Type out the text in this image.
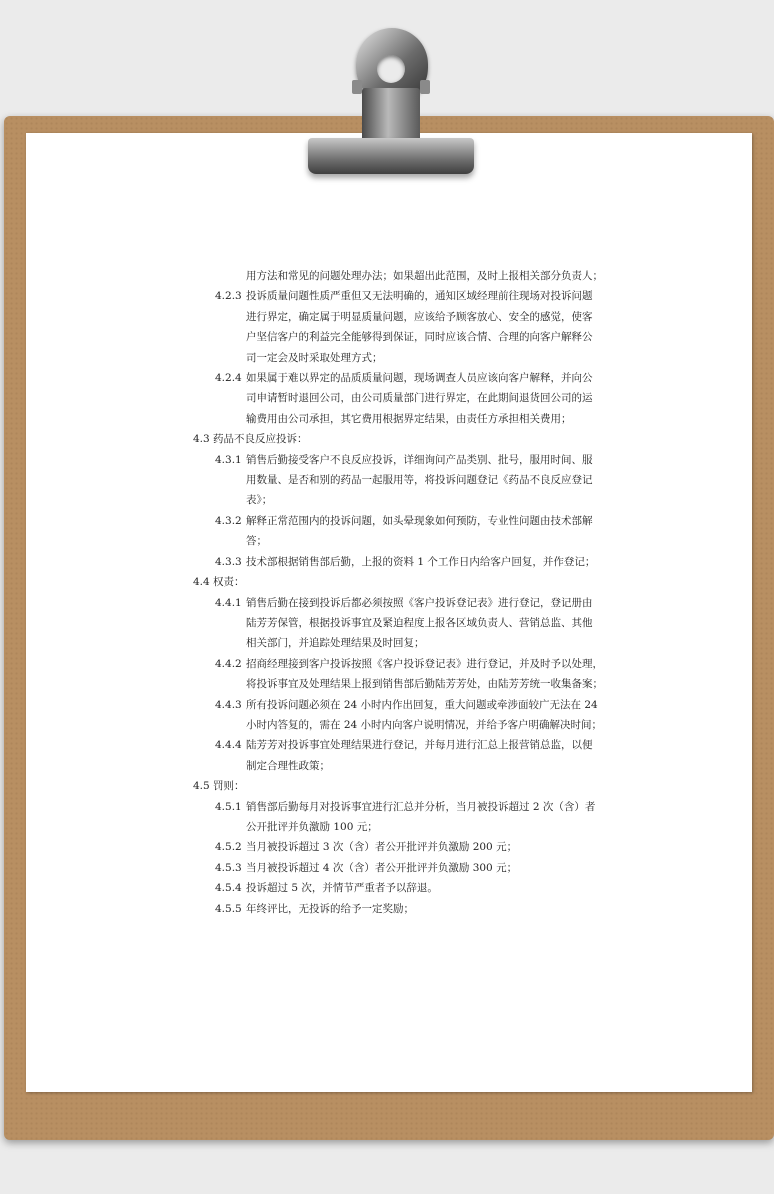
用方法和常见的问题处理办法；如果超出此范围，及时上报相关部分负责人；
4.2.3 投诉质量问题性质严重但又无法明确的，通知区域经理前往现场对投诉问题
进行界定，确定属于明显质量问题，应该给予顾客放心、安全的感觉，使客
户坚信客户的利益完全能够得到保证，同时应该合情、合理的向客户解释公
司一定会及时采取处理方式；
4.2.4 如果属于难以界定的品质质量问题，现场调查人员应该向客户解释，并向公
司申请暂时退回公司，由公司质量部门进行界定，在此期间退货回公司的运
输费用由公司承担，其它费用根据界定结果，由责任方承担相关费用；
4.3 药品不良反应投诉：
4.3.1 销售后勤接受客户不良反应投诉，详细询问产品类别、批号，服用时间、服
用数量、是否和别的药品一起服用等，将投诉问题登记《药品不良反应登记
表》；
4.3.2 解释正常范围内的投诉问题，如头晕现象如何预防，专业性问题由技术部解
答；
4.3.3 技术部根据销售部后勤，上报的资料 1 个工作日内给客户回复，并作登记；
4.4 权责：
4.4.1 销售后勤在接到投诉后都必须按照《客户投诉登记表》进行登记，登记册由
陆芳芳保管，根据投诉事宜及紧迫程度上报各区域负责人、营销总监、其他
相关部门，并追踪处理结果及时回复；
4.4.2 招商经理接到客户投诉按照《客户投诉登记表》进行登记，并及时予以处理，
将投诉事宜及处理结果上报到销售部后勤陆芳芳处，由陆芳芳统一收集备案；
4.4.3 所有投诉问题必须在 24 小时内作出回复，重大问题或牵涉面较广无法在 24
小时内答复的，需在 24 小时内向客户说明情况，并给予客户明确解决时间；
4.4.4 陆芳芳对投诉事宜处理结果进行登记，并每月进行汇总上报营销总监，以便
制定合理性政策；
4.5 罚则：
4.5.1 销售部后勤每月对投诉事宜进行汇总并分析，当月被投诉超过 2 次（含）者
公开批评并负激励 100 元；
4.5.2 当月被投诉超过 3 次（含）者公开批评并负激励 200 元；
4.5.3 当月被投诉超过 4 次（含）者公开批评并负激励 300 元；
4.5.4 投诉超过 5 次，并情节严重者予以辞退。
4.5.5 年终评比，无投诉的给予一定奖励；
